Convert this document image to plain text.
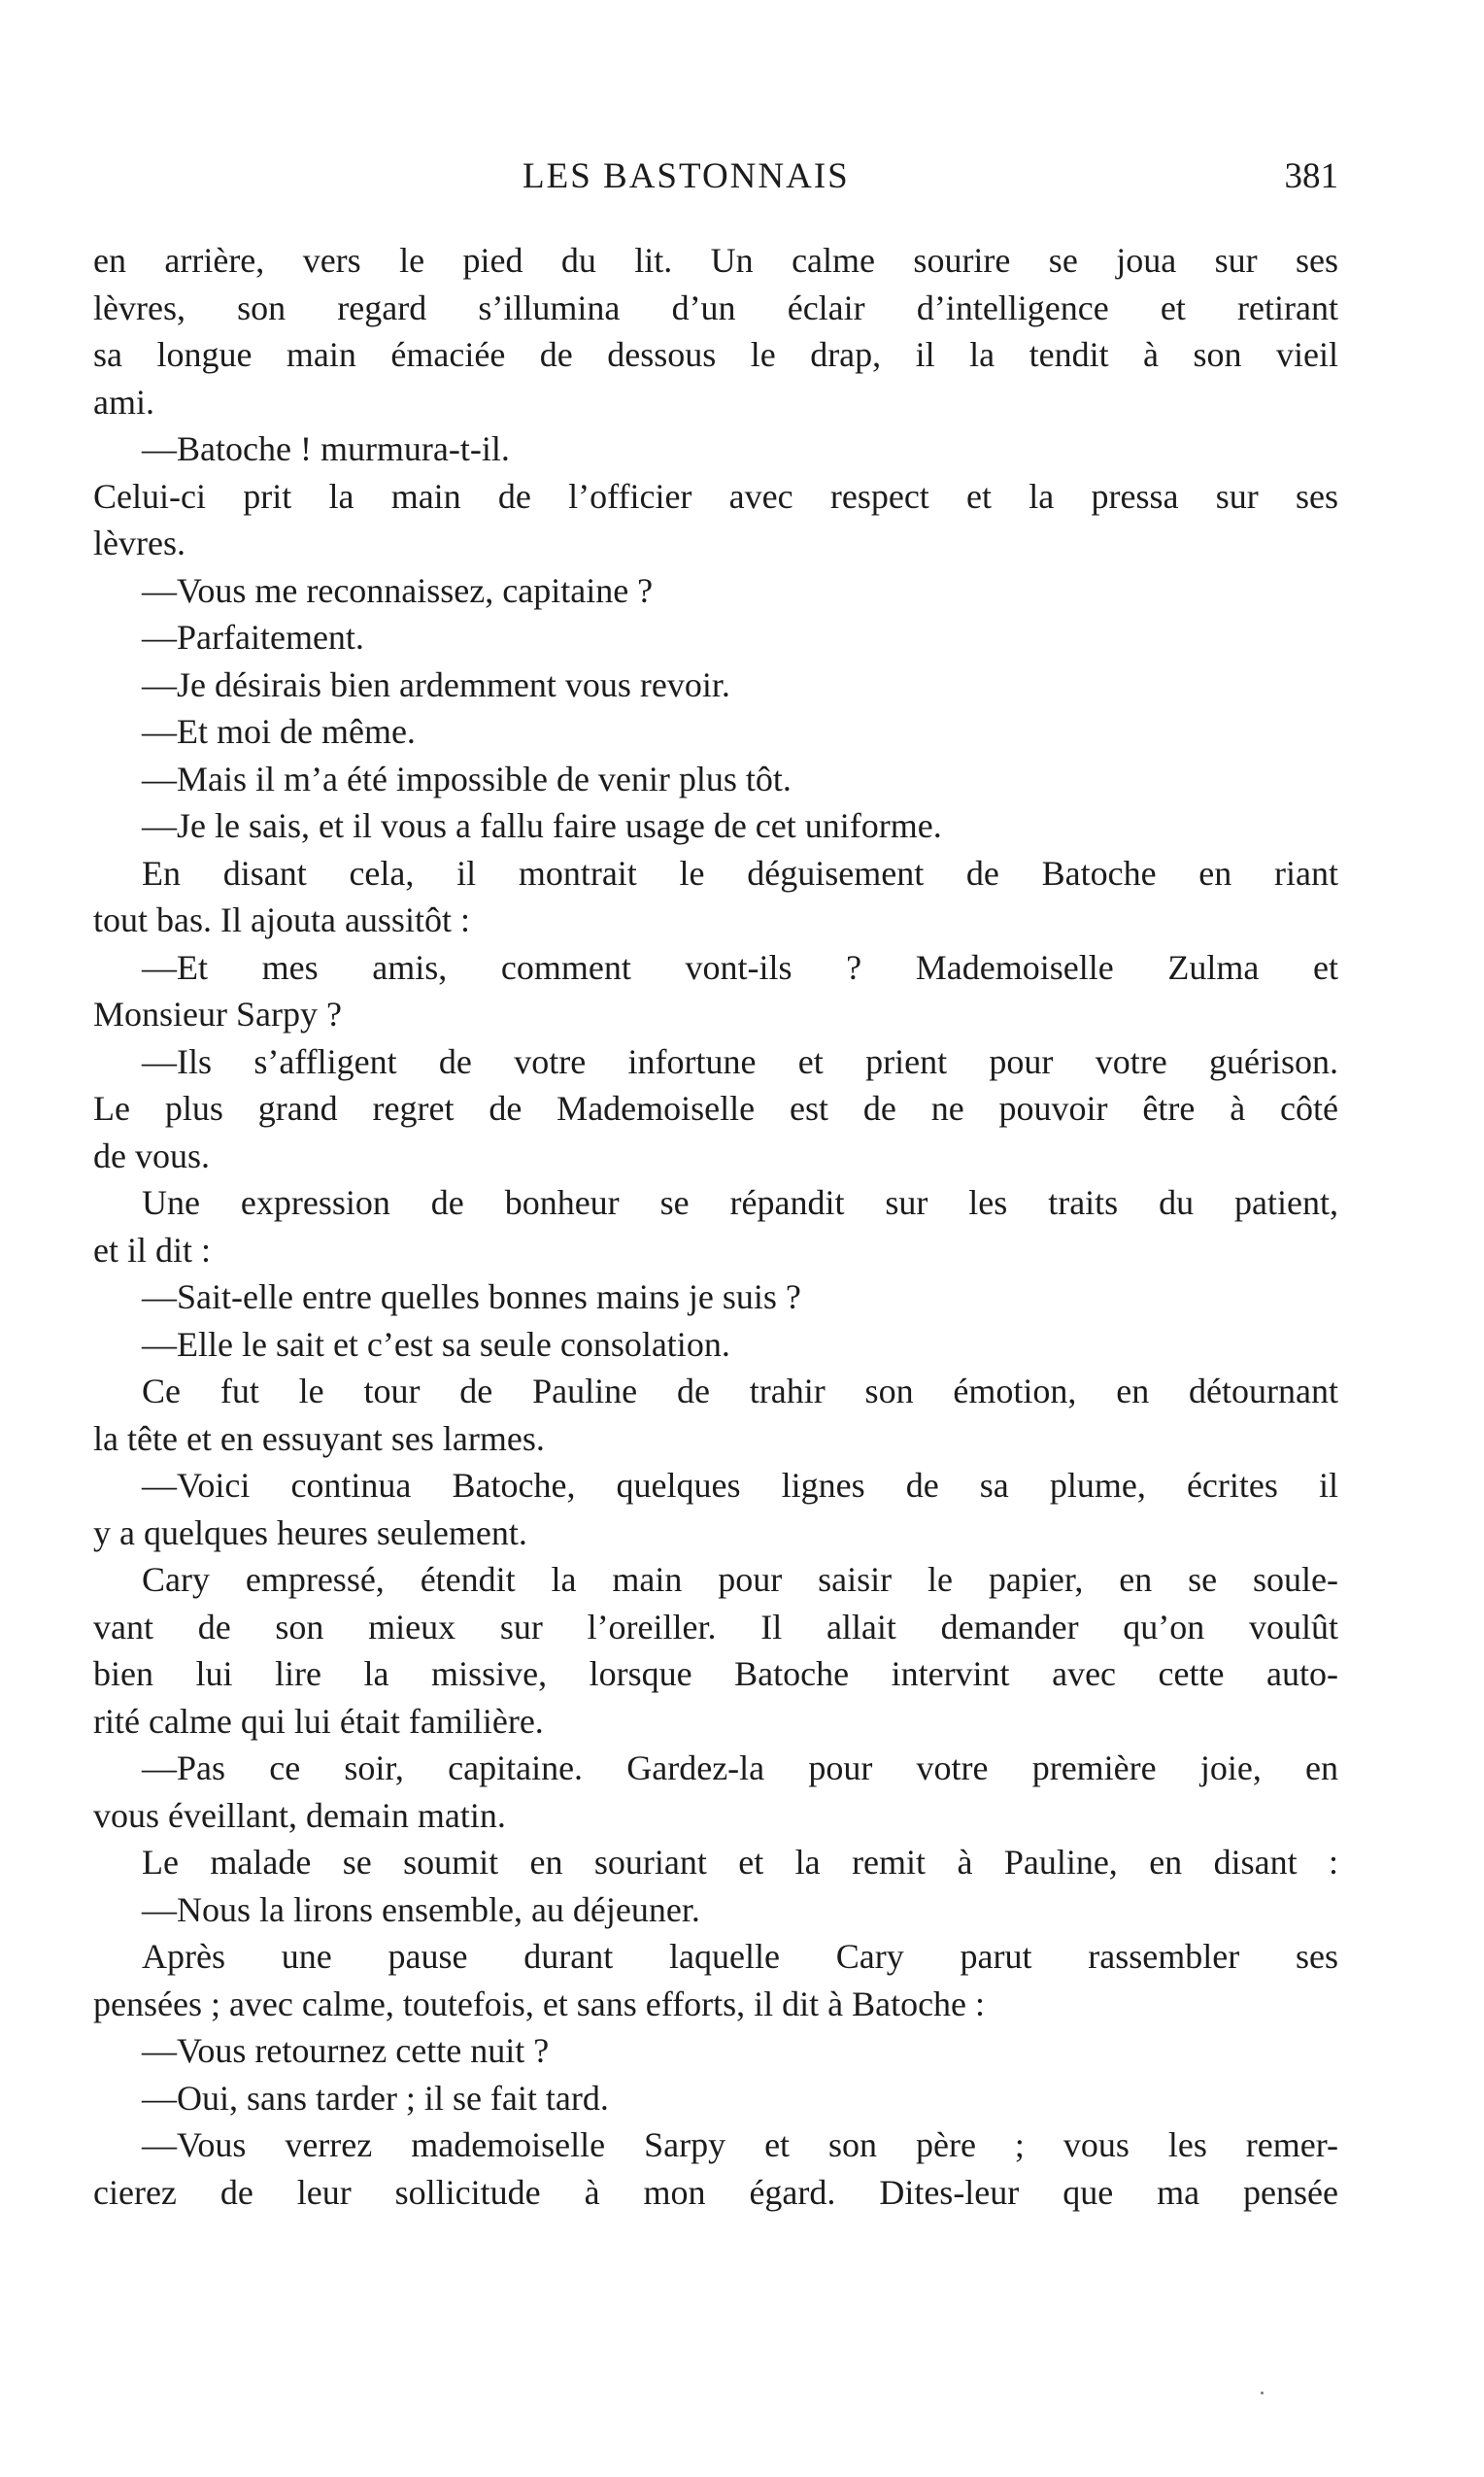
LES BASTONNAIS	381
en arrière, vers le pied du lit. Un calme sourire se joua sur ses
lèvres, son regard s’illumina d’un éclair d’intelligence et retirant
sa longue main émaciée de dessous le drap, il la tendit à son vieil
ami.
—Batoche ! murmura-t-il.
Celui-ci prit la main de l’officier avec respect et la pressa sur ses
lèvres.
—Vous me reconnaissez, capitaine ?
—Parfaitement.
—Je désirais bien ardemment vous revoir.
—Et moi de même.
—Mais il m’a été impossible de venir plus tôt.
—Je le sais, et il vous a fallu faire usage de cet uniforme.
En disant cela, il montrait le déguisement de Batoche en riant
tout bas. Il ajouta aussitôt :
—Et mes amis, comment vont-ils ? Mademoiselle Zulma et
Monsieur Sarpy ?
—Ils s’affligent de votre infortune et prient pour votre guérison.
Le plus grand regret de Mademoiselle est de ne pouvoir être à côté
de vous.
Une expression de bonheur se répandit sur les traits du patient,
et il dit :
—Sait-elle entre quelles bonnes mains je suis ?
—Elle le sait et c’est sa seule consolation.
Ce fut le tour de Pauline de trahir son émotion, en détournant
la tête et en essuyant ses larmes.
—Voici continua Batoche, quelques lignes de sa plume, écrites il
y a quelques heures seulement.
Cary empressé, étendit la main pour saisir le papier, en se soule-
vant de son mieux sur l’oreiller. Il allait demander qu’on voulût
bien lui lire la missive, lorsque Batoche intervint avec cette auto-
rité calme qui lui était familière.
—Pas ce soir, capitaine. Gardez-la pour votre première joie, en
vous éveillant, demain matin.
Le malade se soumit en souriant et la remit à Pauline, en disant :
—Nous la lirons ensemble, au déjeuner.
Après une pause durant laquelle Cary parut rassembler ses
pensées ; avec calme, toutefois, et sans efforts, il dit à Batoche :
—Vous retournez cette nuit ?
—Oui, sans tarder ; il se fait tard.
—Vous verrez mademoiselle Sarpy et son père ; vous les remer-
cierez de leur sollicitude à mon égard. Dites-leur que ma pensée
